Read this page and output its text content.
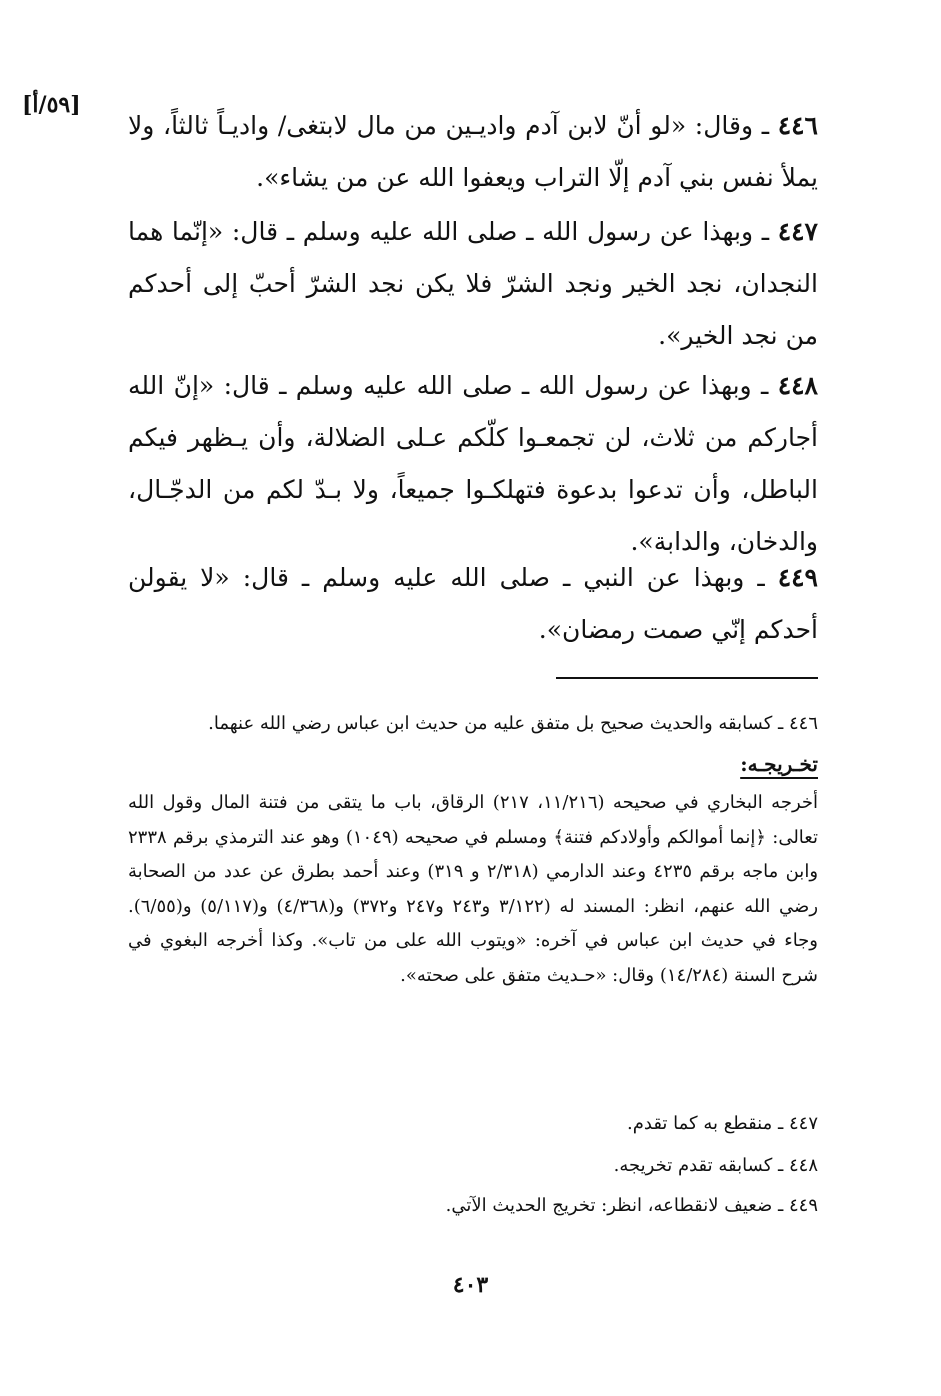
[٥٩/أ]
٤٤٦ ـ وقال: «لو أنّ لابن آدم واديـين من مال لابتغى/ واديـاً ثالثاً، ولا يملأ نفس بني آدم إلّا التراب ويعفوا الله عن من يشاء».
٤٤٧ ـ وبهذا عن رسول الله ـ صلى الله عليه وسلم ـ قال: «إنّما هما النجدان، نجد الخير ونجد الشرّ فلا يكن نجد الشرّ أحبّ إلى أحدكم من نجد الخير».
٤٤٨ ـ وبهذا عن رسول الله ـ صلى الله عليه وسلم ـ قال: «إنّ الله أجاركم من ثلاث، لن تجمعـوا كلّكم عـلى الضلالة، وأن يـظهر فيكم الباطل، وأن تدعوا بدعوة فتهلكـوا جميعاً، ولا بـدّ لكم من الدجّـال، والدخان، والدابة».
٤٤٩ ـ وبهذا عن النبي ـ صلى الله عليه وسلم ـ قال: «لا يقولن أحدكم إنّي صمت رمضان».
٤٤٦ ـ كسابقه والحديث صحيح بل متفق عليه من حديث ابن عباس رضي الله عنهما.
تخـريجـه:
أخرجه البخاري في صحيحه (١١/٢١٦، ٢١٧) الرقاق، باب ما يتقى من فتنة المال وقول الله تعالى: ﴿إنما أموالكم وأولادكم فتنة﴾ ومسلم في صحيحه (١٠٤٩) وهو عند الترمذي برقم ٢٣٣٨ وابن ماجه برقم ٤٢٣٥ وعند الدارمي (٢/٣١٨ و ٣١٩) وعند أحمد بطرق عن عدد من الصحابة رضي الله عنهم، انظر: المسند له (٣/١٢٢ و٢٤٣ و٢٤٧ و٣٧٢) و(٤/٣٦٨) و(٥/١١٧) و(٦/٥٥). وجاء في حديث ابن عباس في آخره: «ويتوب الله على من تاب». وكذا أخرجه البغوي في شرح السنة (١٤/٢٨٤) وقال: «حـديث متفق على صحته».
٤٤٧ ـ منقطع به كما تقدم.
٤٤٨ ـ كسابقه تقدم تخريجه.
٤٤٩ ـ ضعيف لانقطاعه، انظر: تخريج الحديث الآتي.
٤٠٣
